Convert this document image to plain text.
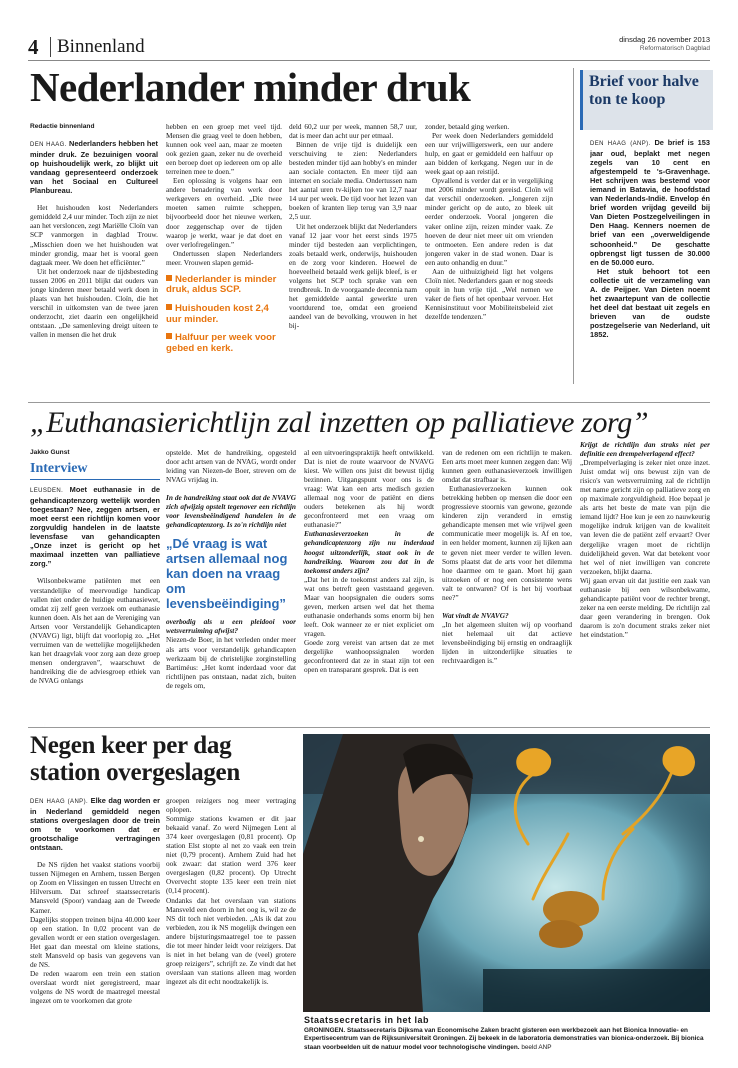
4 Binnenland	dinsdag 26 november 2013
Reformatorisch Dagblad
Nederlander minder druk
Redactie binnenland

DEN HAAG. Nederlanders hebben het minder druk. Ze bezuinigen vooral op huishoudelijk werk, zo blijkt uit vandaag gepresenteerd onderzoek van het Sociaal en Cultureel Planbureau.

Het huishouden kost Nederlanders gemiddeld 2,4 uur minder. Toch zijn ze niet aan het versloncen, zegt Mariëlle Cloïn van SCP vanmorgen in dagblad Trouw. „Misschien doen we het huishouden wat minder grondig, maar het is vooral geen dagtaak meer. We doen het efficiënter.”

Uit het onderzoek naar de tijdsbesteding tussen 2006 en 2011 blijkt dat ouders van jonge kinderen meer betaald werk doen in plaats van het huishouden. Cloïn, die het verschil in uitkomsten van de twee jaren onderzocht, ziet daarin een ongelijkheid ontstaan. „De samenleving dreigt uiteen te vallen in mensen die het druk

hebben en een groep met veel tijd. Mensen die graag veel te doen hebben, kunnen ook veel aan, maar ze moeten ook gezien gaan, zeker nu de overheid een beroep doet op iedereen om op alle terreinen mee te doen.”

Een oplossing is volgens haar een andere benadering van werk door werkgevers en overheid. „Die twee moeten samen ruimte scheppen, bijvoorbeeld door het nieuwe werken, door zeggenschap over de tijden waarop je werkt, waar je dat doet en over verlofregelingen.”

Ondertussen slapen Nederlanders meer. Vrouwen slapen gemid-

Nederlander is minder druk, aldus SCP.
Huishouden kost 2,4 uur minder.
Halfuur per week voor gebed en kerk.

deld 60,2 uur per week, mannen 58,7 uur, dat is meer dan acht uur per etmaal.

Binnen de vrije tijd is duidelijk een verschuiving te zien: Nederlanders besteden minder tijd aan hobby's en minder aan sociale contacten. En meer tijd aan internet en sociale media. Ondertussen nam het aantal uren tv-kijken toe van 12,7 naar 14 uur per week. De tijd voor het lezen van boeken of kranten liep terug van 3,9 naar 2,5 uur.

Uit het onderzoek blijkt dat Nederlanders vanaf 12 jaar voor het eerst sinds 1975 minder tijd besteden aan verplichtingen, zoals betaald werk, onderwijs, huishouden en de zorg voor kinderen. Hoewel de hoeveelheid betaald werk gelijk bleef, is er volgens het SCP toch sprake van een trendbreuk. In de voorgaande decennia nam het gemiddelde aantal gewerkte uren voortdurend toe, omdat een groeiend aandeel van de bevolking, vrouwen in het bij-

zonder, betaald ging werken.

Per week doen Nederlanders gemiddeld een uur vrijwilligerswerk, een uur andere hulp, en gaat er gemiddeld een halfuur op aan bidden of kerkgang. Negen uur in de week gaat op aan reistijd.

Opvallend is verder dat er in vergelijking met 2006 minder wordt gereisd. Cloïn wil dat verschil onderzoeken. „Jongeren zijn minder gericht op de auto, zo bleek uit eerder onderzoek. Vooral jongeren die vaker online zijn, reizen minder vaak. Ze hoeven de deur niet meer uit om vrienden te ontmoeten. Een andere reden is dat jongeren vaker in de stad wonen. Daar is een auto onhandig en duur.”

Aan de uithuizigheid ligt het volgens Cloïn niet. Nederlanders gaan er nog steeds opuit in hun vrije tijd. „Wel nemen we vaker de fiets of het openbaar vervoer. Het Kennisinstituut voor Mobiliteitsbeleid ziet dezelfde tendenzen.”

Brief voor halve ton te koop

DEN HAAG (ANP). De brief is 153 jaar oud, beplakt met negen zegels van 10 cent en afgestempeld te 's-Gravenhage. Het schrijven was bestemd voor iemand in Batavia, de hoofdstad van Nederlands-Indië. Envelop én brief worden vrijdag geveild bij Van Dieten Postzegelveilingen in Den Haag. Kenners noemen de brief van een „overweldigende schoonheid.” De geschatte opbrengst ligt tussen de 30.000 en de 50.000 euro.

Het stuk behoort tot een collectie uit de verzameling van A. de Peijper. Van Dieten noemt het zwaartepunt van de collectie het deel dat bestaat uit zegels en brieven van de oudste postzegelserie van Nederland, uit 1852.

„Euthanasierichtlijn zal inzetten op palliatieve zorg”
Jakko Gunst
Interview

LEUSDEN. Moet euthanasie in de gehandicaptenzorg wettelijk worden toegestaan? Nee, zeggen artsen, er moet eerst een richtlijn komen voor zorgvuldig handelen in de laatste levensfase van gehandicapten „Onze inzet is gericht op het maximaal inzetten van palliatieve zorg.”

Wilsonbekwame patiënten met een verstandelijke of meervoudige handicap vallen niet onder de huidige euthanasiewet, omdat zij zelf geen verzoek om euthanasie kunnen doen. Als het aan de Vereniging van Artsen voor Verstandelijk Gehandicapten (NVAVG) ligt, blijft dat voorlopig zo. „Het verruimen van de wettelijke mogelijkheden kan het draagvlak voor zorg aan deze groep mensen ondergraven”, waarschuwt de handreiking die de adviesgroep ethiek van de NVAG onlangs

opstelde. Met de handreiking, opgesteld door acht artsen van de NVAG, wordt onder leiding van Niezen-de Boer, streven om de NVAG vrijdag in.

In de handreiking staat ook dat de NVAVG zich afwijzig opstelt tegenover een richtlijn voor levensbeëindigend handelen in de gehandicaptenzorg. Is zo'n richtlijn niet

„Dé vraag is wat artsen allemaal nog kan doen na vraag om levensbeëindiging”

overbodig als u een pleidooi voor wetsverruiming afwijst?

Niezen-de Boer, in het verleden onder meer als arts voor verstandelijk gehandicapten werkzaam bij de christelijke zorginstelling Bartiméus: „Het komt inderdaad voor dat richtlijnen pas ontstaan, nadat zich, buiten de regels om,

al een uitvoeringspraktijk heeft ontwikkeld. Dat is niet de route waarvoor de NVAVG kiest. We willen ons juist dit bewust tijdig bezinnen. Uitgangspunt voor ons is de vraag: Wat kan een arts medisch gezien allemaal nog voor de patiënt en diens ouders betekenen als hij wordt geconfronteerd met een vraag om euthanasie?”

Euthanasieverzoeken in de gehandicaptenzorg zijn nu inderdaad hoogst uitzonderlijk, staat ook in de handreiking. Waarom zou dat in de toekomst anders zijn?

„Dat het in de toekomst anders zal zijn, is wat ons betreft geen vaststaand gegeven. Maar van hoopsignalen die ouders soms geven, merken artsen wel dat het thema euthanasie onderhands soms enorm bij hen leeft. Ook wanneer ze er niet expliciet om vragen.
Goede zorg vereist van artsen dat ze met dergelijke wanhoopssignalen worden geconfronteerd dat ze in staat zijn tot een open en transparant gesprek. Dat is een

van de redenen om een richtlijn te maken. Een arts moet meer kunnen zeggen dan: Wij kunnen geen euthanasieverzoek inwilligen omdat dat strafbaar is.

Euthanasieverzoeken kunnen ook betrekking hebben op mensen die door een progressieve stoornis van gewone, gezonde kinderen zijn veranderd in ernstig gehandicapte mensen met wie vrijwel geen communicatie meer mogelijk is. Af en toe, in een helder moment, kunnen zij lijken aan te geven niet meer verder te willen leven. Soms plaatst dat de arts voor het dilemma hoe daarmee om te gaan. Moet hij gaan uitzoeken of er nog een consistente wens valt te ontwaren? Of is het bij voorbaat nee?”

Wat vindt de NVAVG?

„In het algemeen sluiten wij op voorhand niet helemaal uit dat actieve levensbeëindiging bij ernstig en ondraaglijk lijden in uitzonderlijke situaties te rechtvaardigen is.”

Krijgt de richtlijn dan straks niet per definitie een drempelverlagend effect?

„Drempelverlaging is zeker niet onze inzet. Juist omdat wij ons bewust zijn van de risico's van wetsverruiming zal de richtlijn met name gericht zijn op palliatieve zorg en op maximale zorgvuldigheid. Hoe bepaal je als arts het beste de mate van pijn die iemand lijdt? Hoe kun je een zo nauwkeurig mogelijke indruk krijgen van de kwaliteit van leven die de patiënt zelf ervaart? Over dergelijke vragen moet de richtlijn duidelijkheid geven. Wat dat betekent voor het wel of niet inwilligen van concrete verzoeken, blijkt daarna.
Wij gaan ervan uit dat justitie een zaak van euthanasie bij een wilsonbekwame, gehandicapte patiënt voor de rechter brengt, zeker na een eerste melding. De richtlijn zal daar geen verandering in brengen. Ook daarom is zo'n document straks zeker niet het eindstation.”

Negen keer per dag station overgeslagen

DEN HAAG (ANP). Elke dag worden er in Nederland gemiddeld negen stations overgeslagen door de trein om te voorkomen dat er grootschalige vertragingen ontstaan.

De NS rijden het vaakst stations voorbij tussen Nijmegen en Arnhem, tussen Bergen op Zoom en Vlissingen en tussen Utrecht en Hilversum. Dat schreef staatssecretaris Mansveld (Spoor) vandaag aan de Tweede Kamer.
Dagelijks stoppen treinen bijna 40.000 keer op een station. In 0,02 procent van de gevallen wordt er een station overgeslagen. Het gaat dan meestal om kleine stations, stelt Mansveld op basis van gegevens van de NS.
De reden waarom een trein een station overslaat wordt niet geregistreerd, maar volgens de NS wordt de maatregel meestal ingezet om te voorkomen dat grote

groepen reizigers nog meer vertraging oplopen.
Sommige stations kwamen er dit jaar bekaaid vanaf. Zo werd Nijmegen Lent al 374 keer overgeslagen (0,81 procent). Op station Elst stopte al net zo vaak een trein niet (0,79 procent). Arnhem Zuid had het ook zwaar: dat station werd 376 keer overgeslagen (0,82 procent). Op Utrecht Overvecht stopte 135 keer een trein niet (0,14 procent).
Ondanks dat het overslaan van stations Mansveld een doorn in het oog is, wil ze de NS dit toch niet verbieden. „Als ik dat zou verbieden, zou ik NS mogelijk dwingen een andere bijsturingsmaatregel toe te passen die tot meer hinder leidt voor reizigers. Dat is niet in het belang van de (veel) grotere groep reizigers”, schrijft ze. Ze vindt dat het overslaan van stations alleen mag worden ingezet als dit echt noodzakelijk is.

Staatssecretaris in het lab
GRONINGEN. Staatssecretaris Dijksma van Economische Zaken bracht gisteren een werkbezoek aan het Bionica Innovatie- en Expertisecentrum van de Rijksuniversiteit Groningen. Zij bekeek in de laboratoria demonstraties van bionica-onderzoek. Bij bionica staan voorbeelden uit de natuur model voor technologische vindingen. beeld ANP
